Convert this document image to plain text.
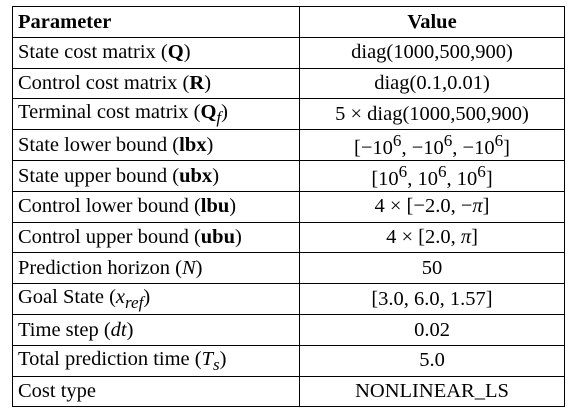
Parameter	Value
State cost matrix (Q)	diag(1000,500,900)
Control cost matrix (R)	diag(0.1,0.01)
Terminal cost matrix $(Q_f)$	5 × diag(1000,500,900)
State lower bound (lbx)	[$-10^6$, $-10^6$, $-10^6$]
State upper bound (ubx)	[$10^6$, $10^6$, $10^6$]
Control lower bound (lbu)	4 × [−2.0, −π]
Control upper bound (ubu)	4 × [2.0, π]
Prediction horizon (N)	50
Goal State $(x_{ref})$	[3.0, 6.0, 1.57]
Time step (dt)	0.02
Total prediction time $(T_s)$	5.0
Cost type	NONLINEAR_LS
